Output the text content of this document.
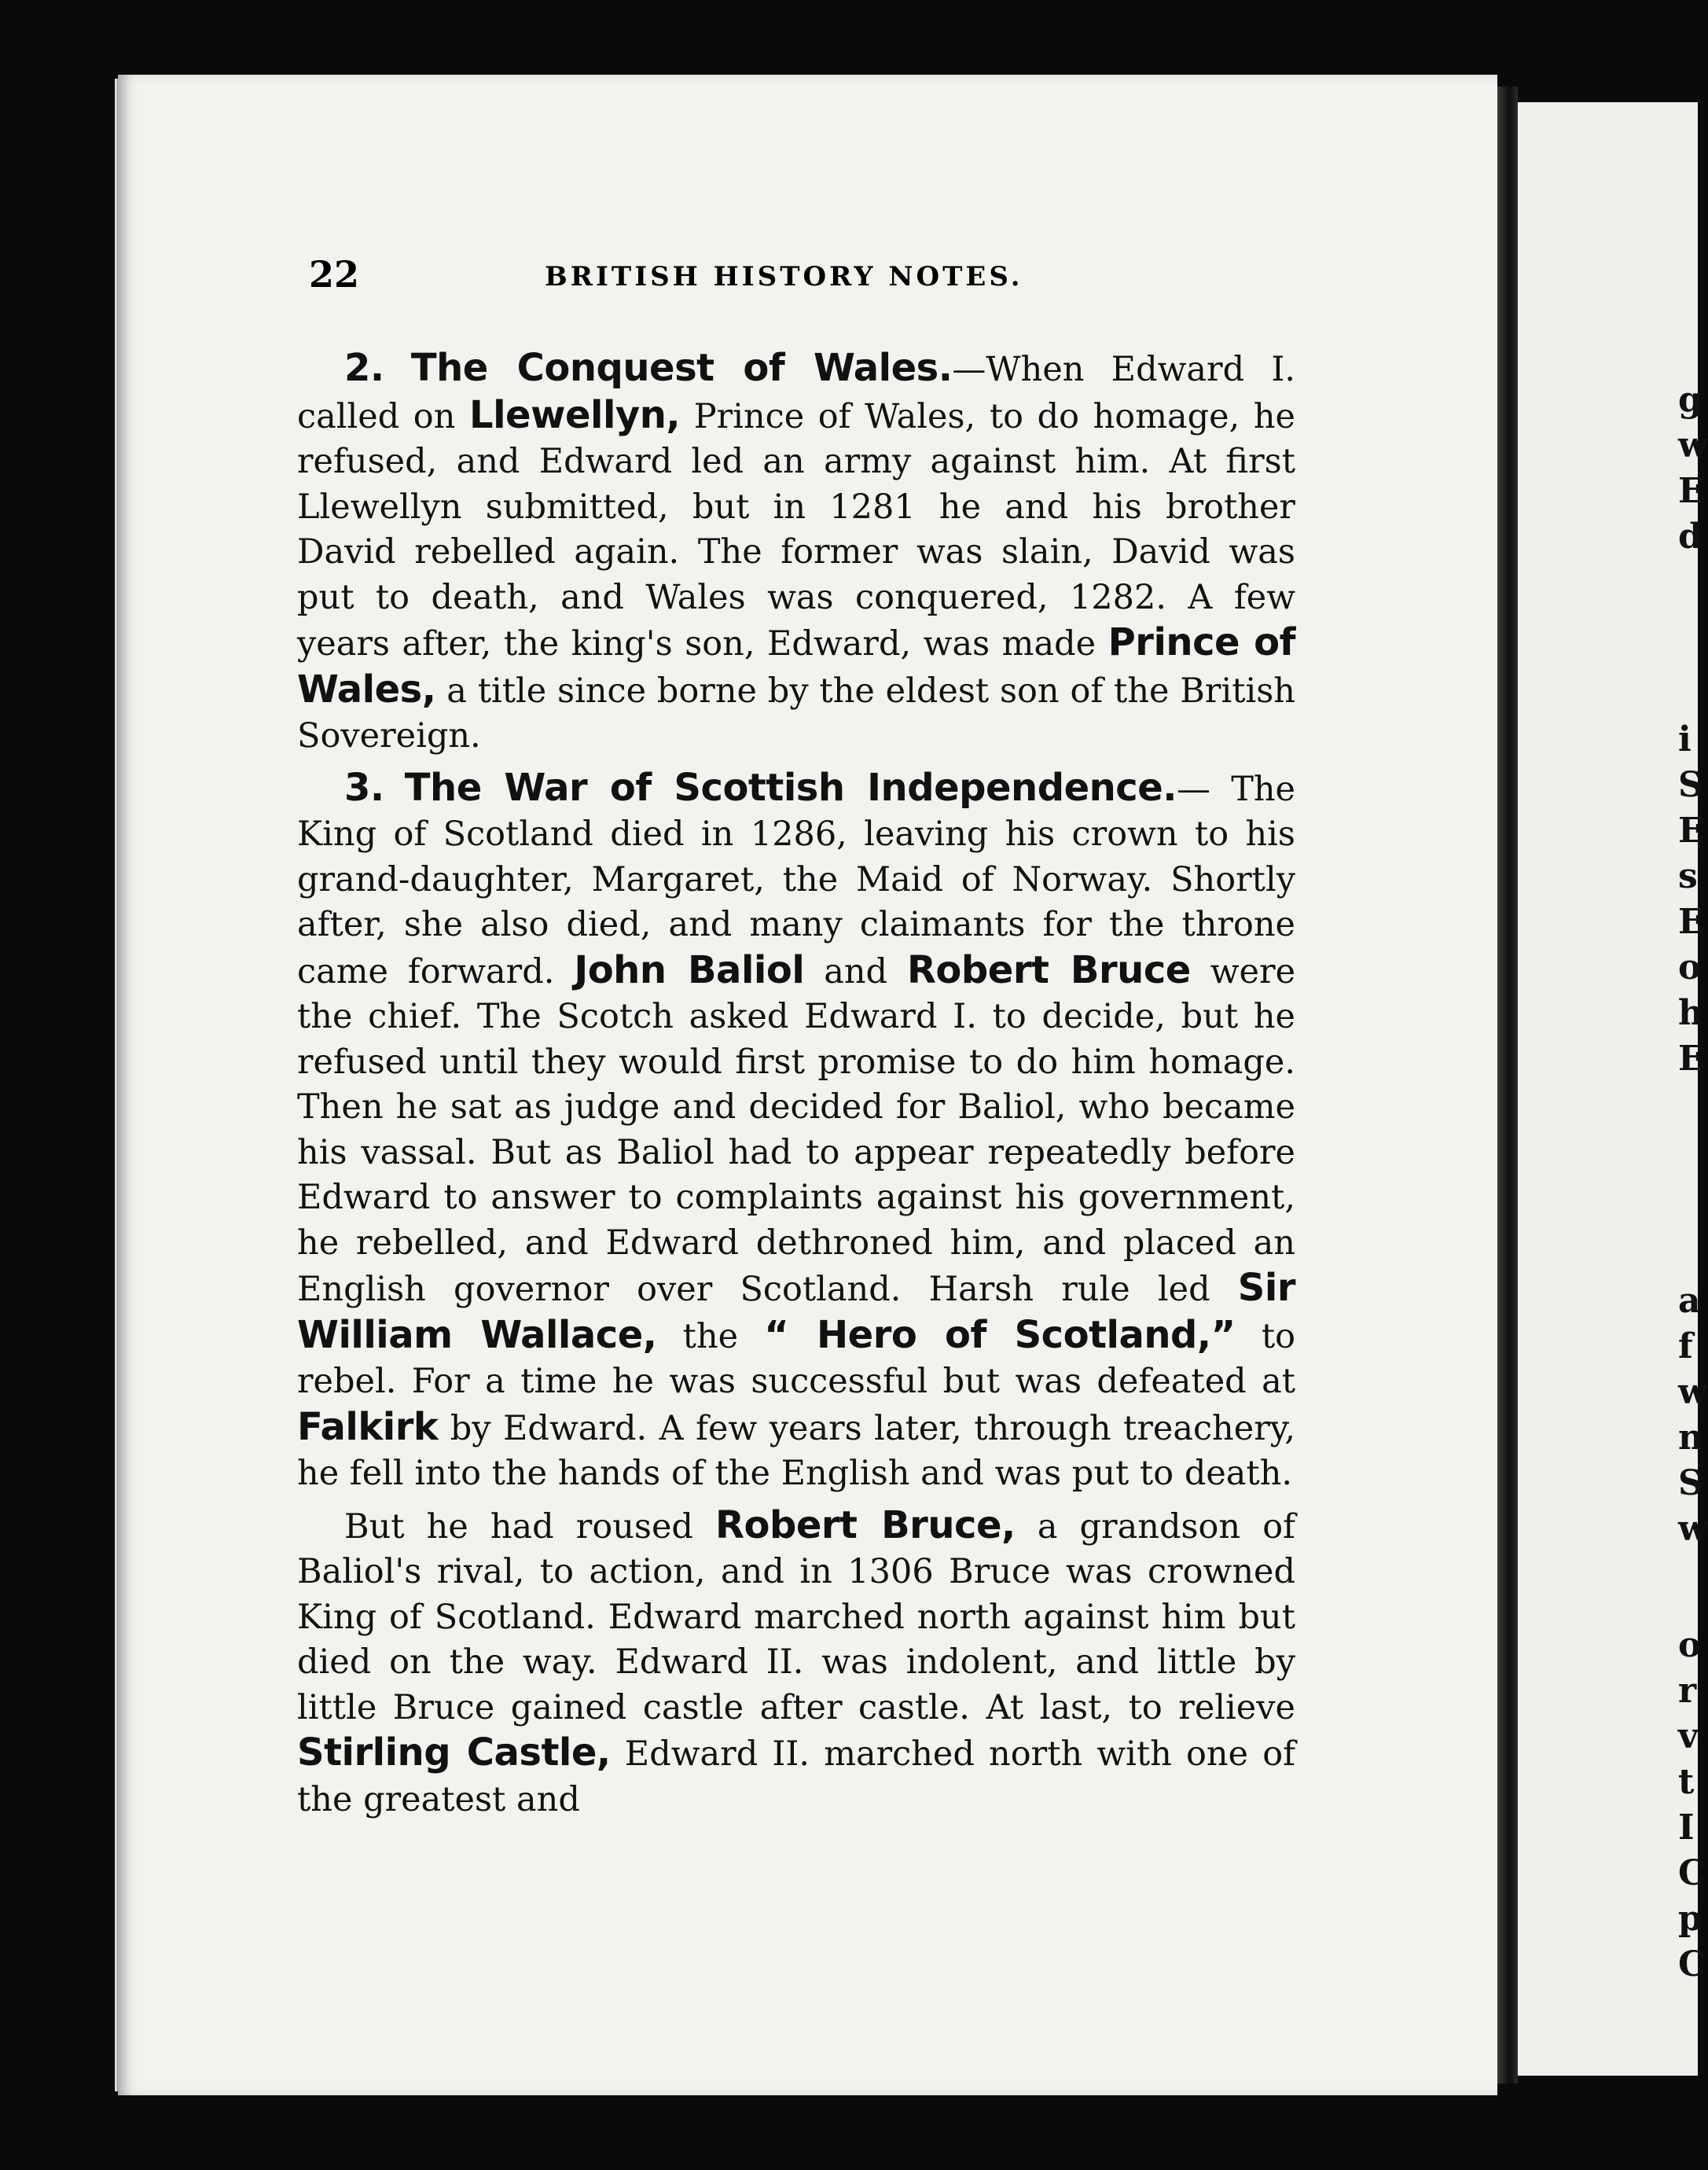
22	BRITISH HISTORY NOTES.

2. The Conquest of Wales.—When Edward I. called on Llewellyn, Prince of Wales, to do homage, he refused, and Edward led an army against him. At first Llewellyn submitted, but in 1281 he and his brother David rebelled again. The former was slain, David was put to death, and Wales was conquered, 1282. A few years after, the king's son, Edward, was made Prince of Wales, a title since borne by the eldest son of the British Sovereign.

3. The War of Scottish Independence.— The King of Scotland died in 1286, leaving his crown to his grand-daughter, Margaret, the Maid of Norway. Shortly after, she also died, and many claimants for the throne came forward. John Baliol and Robert Bruce were the chief. The Scotch asked Edward I. to decide, but he refused until they would first promise to do him homage. Then he sat as judge and decided for Baliol, who became his vassal. But as Baliol had to appear repeatedly before Edward to answer to complaints against his government, he rebelled, and Edward dethroned him, and placed an English governor over Scotland. Harsh rule led Sir William Wallace, the “ Hero of Scotland,” to rebel. For a time he was successful but was defeated at Falkirk by Edward. A few years later, through treachery, he fell into the hands of the English and was put to death.

But he had roused Robert Bruce, a grandson of Baliol's rival, to action, and in 1306 Bruce was crowned King of Scotland. Edward marched north against him but died on the way. Edward II. was indolent, and little by little Bruce gained castle after castle. At last, to relieve Stirling Castle, Edward II. marched north with one of the greatest and

g
w
E
d
i
S
E
s
E
o
h
E
a
f
w
n
S
w
o
r
v
t
I
C
p
C
